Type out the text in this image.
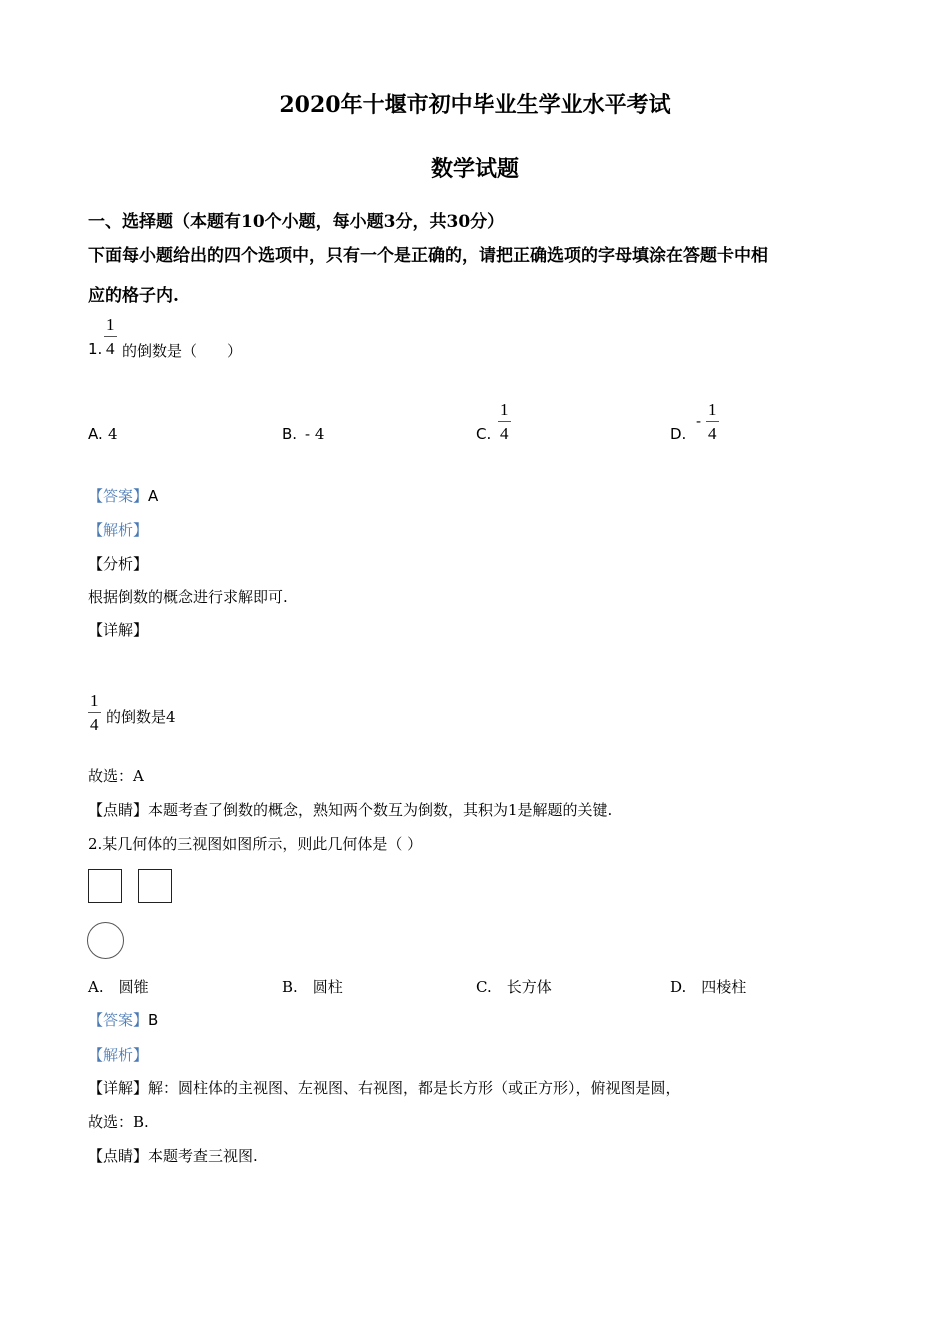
2020年十堰市初中毕业生学业水平考试
数学试题
一、选择题（本题有10个小题，每小题3分，共30分）
下面每小题给出的四个选项中，只有一个是正确的，请把正确选项的字母填涂在答题卡中相
应的格子内.
1.
1
4 的倒数是（　　）
A. 4	B. - 4	C.
1
4	D.
-
1
4
【答案】A
【解析】
【分析】
根据倒数的概念进行求解即可.
【详解】
1
4 的倒数是4
故选：A
【点睛】本题考查了倒数的概念，熟知两个数互为倒数，其积为1是解题的关键.
2.某几何体的三视图如图所示，则此几何体是（ ）
A.　圆锥	B.　圆柱	C.　长方体	D.　四棱柱
【答案】B
【解析】
【详解】解：圆柱体的主视图、左视图、右视图，都是长方形（或正方形），俯视图是圆，
故选：B.
【点睛】本题考查三视图.
